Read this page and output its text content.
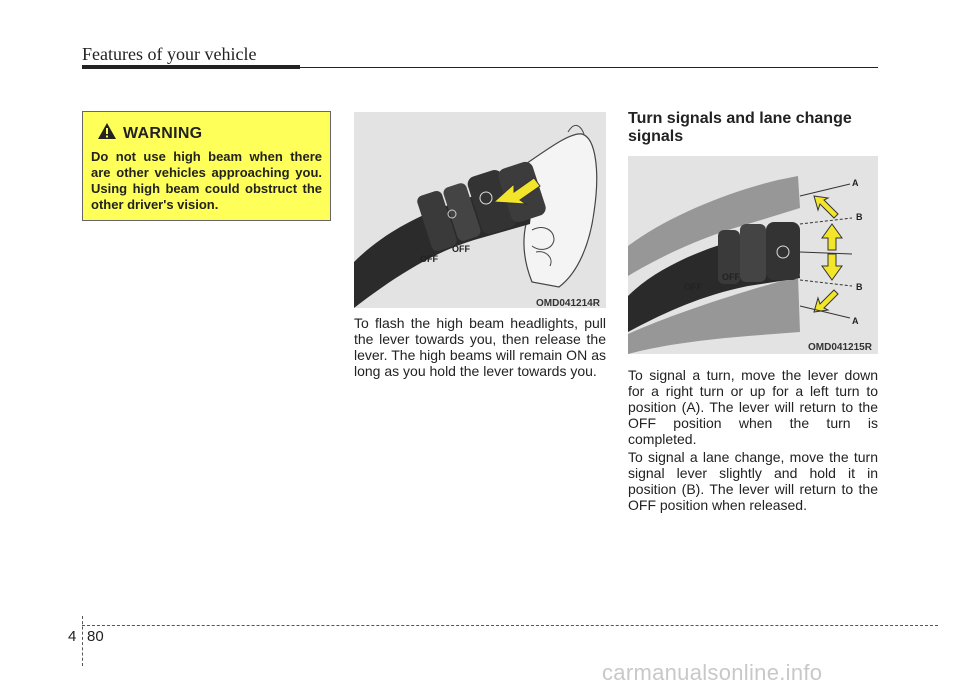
Features of your vehicle
WARNING
Do not use high beam when there are other vehicles approaching you. Using high beam could obstruct the other driver's vision.
OFF
OFF
OMD041214R
To flash the high beam headlights, pull the lever towards you, then release the lever. The high beams will remain ON as long as you hold the lever towards you.
Turn signals and lane change signals
OFF
OFF
A
B
B
A
OMD041215R
To signal a turn, move the lever down for a right turn or up for a left turn to position (A). The lever will return to the OFF position when the turn is completed.
To signal a lane change, move the turn signal lever slightly and hold it in position (B). The lever will return to the OFF position when released.
4 80
carmanualsonline.info
